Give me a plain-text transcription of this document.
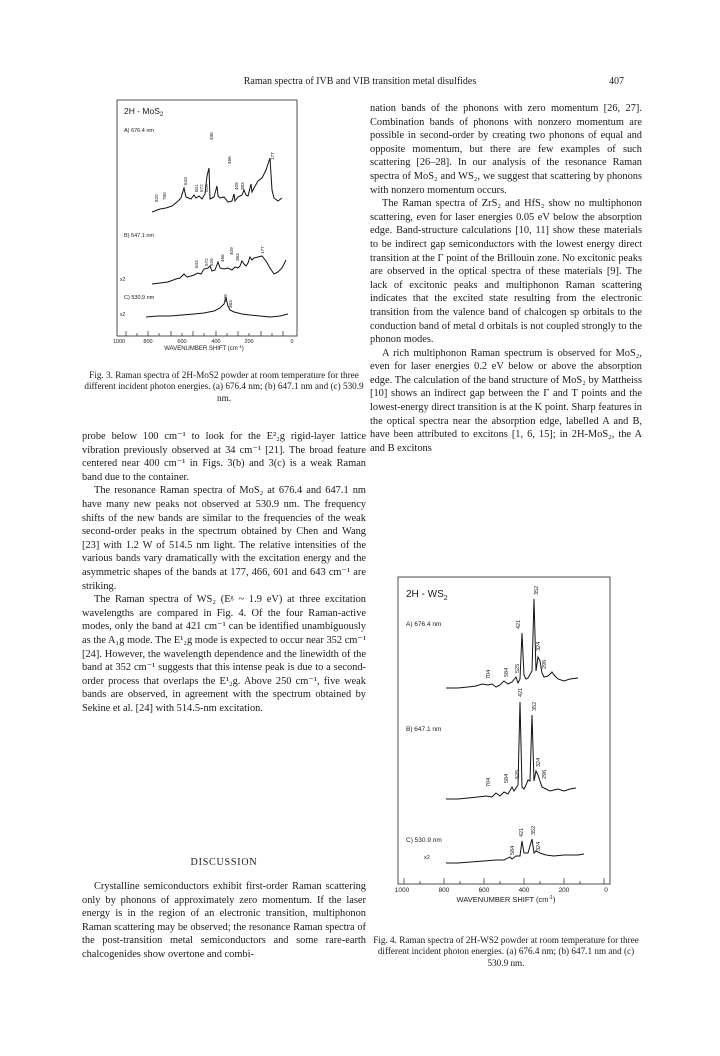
Raman spectra of IVB and VIB transition metal disulfides	407
2H - MoS$_2$
A) 676.4 nm
B) 647.1 nm
C) 530.9 nm
x2
x2
820 780
643
601 572 526
498
466
409 383
177
643 572 526
466
409
383
177
409
383
1000	800	600	400	200	0
WAVENUMBER SHIFT $(cm^{-1})$
Fig. 3. Raman spectra of 2H-MoS2 powder at room temperature for three different incident photon energies. (a) 676.4 nm; (b) 647.1 nm and (c) 530.9 nm.

probe below 100 cm⁻¹ to look for the E²₂g rigid-layer lattice vibration previously observed at 34 cm⁻¹ [21]. The broad feature centered near 400 cm⁻¹ in Figs. 3(b) and 3(c) is a weak Raman band due to the container.

The resonance Raman spectra of MoS₂ at 676.4 and 647.1 nm have many new peaks not observed at 530.9 nm. The frequency shifts of the new bands are similar to the frequencies of the weak second-order peaks in the spectrum obtained by Chen and Wang [23] with 1.2 W of 514.5 nm light. The relative intensities of the various bands vary dramatically with the excitation energy and the asymmetric shapes of the bands at 177, 466, 601 and 643 cm⁻¹ are striking.

The Raman spectra of WS₂ (Eᵍ ~ 1.9 eV) at three excitation wavelengths are compared in Fig. 4. Of the four Raman-active modes, only the band at 421 cm⁻¹ can be identified unambiguously as the A₁g mode. The E¹₂g mode is expected to occur near 352 cm⁻¹ [24]. However, the wavelength dependence and the linewidth of the band at 352 cm⁻¹ suggests that this intense peak is due to a second-order process that overlaps the E¹₂g. Above 250 cm⁻¹, five weak bands are observed, in agreement with the spectrum obtained by Sekine et al. [24] with 514.5-nm excitation.

DISCUSSION

Crystalline semiconductors exhibit first-order Raman scattering only by phonons of approximately zero momentum. If the laser energy is in the region of an electronic transition, multiphonon Raman scattering may be observed; the resonance Raman spectra of the post-transition metal semiconductors and some rare-earth chalcogenides show overtone and combi-

nation bands of the phonons with zero momentum [26, 27]. Combination bands of phonons with nonzero momentum are possible in second-order by creating two phonons of equal and opposite momentum, but there are few examples of such scattering [26–28]. In our analysis of the resonance Raman spectra of MoS₂ and WS₂, we suggest that scattering by phonons with nonzero momentum occurs.

The Raman spectra of ZrS₂ and HfS₂ show no multiphonon scattering, even for laser energies 0.05 eV below the absorption edge. Band-structure calculations [10, 11] show these materials to be indirect gap semiconductors with the lowest energy direct transition at the Γ point of the Brillouin zone. No excitonic peaks are observed in the optical spectra of these materials [9]. The lack of excitonic peaks and multiphonon Raman scattering indicates that the excited state resulting from the electronic transition from the valence band of chalcogen sp orbitals to the conduction band of metal d orbitals is not coupled strongly to the phonon modes.

A rich multiphonon Raman spectrum is observed for MoS₂, even for laser energies 0.2 eV below or above the absorption edge. The calculation of the band structure of MoS₂ by Mattheiss [10] shows an indirect gap between the Γ and T points and the lowest-energy direct transition is at the K point. Sharp features in the optical spectra near the absorption edge, labelled A and B, have been attributed to excitons [1, 6, 15]; in 2H-MoS₂, the A and B excitons

$2H - WS_2$
A) 676.4 nm
B) 647.1 nm
C) 530.9 nm
x2
704 584 525
421
352
324
296
704 584 525
421
352
324
296
584
421 352
324
1000	800	600	400	200	0
WAVENUMBER SHIFT $(cm^{-1})$
Fig. 4. Raman spectra of 2H-WS2 powder at room temperature for three different incident photon energies. (a) 676.4 nm; (b) 647.1 nm and (c) 530.9 nm.
